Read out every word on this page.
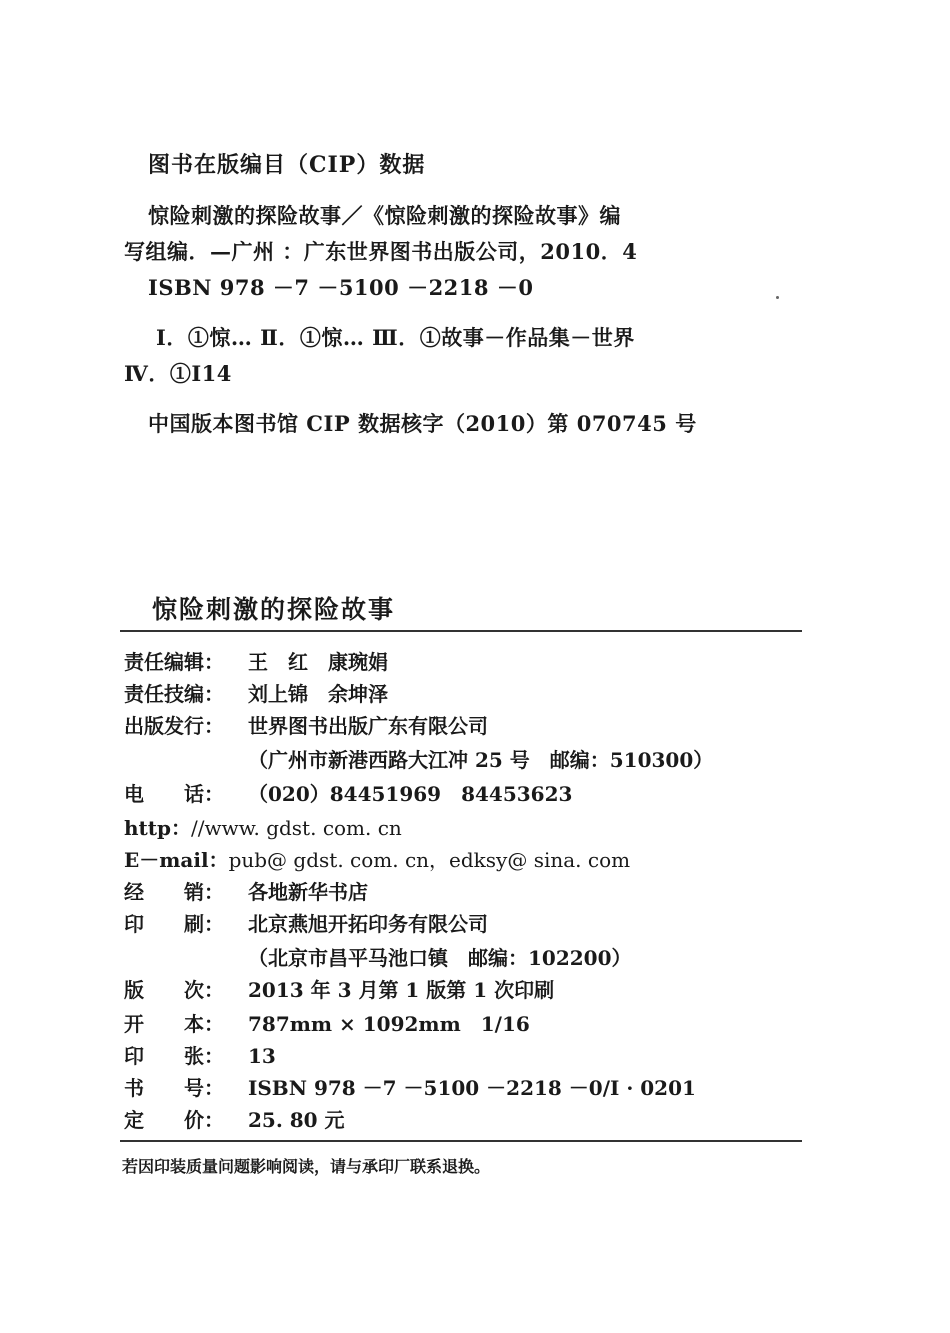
图书在版编目（CIP）数据
惊险刺激的探险故事／《惊险刺激的探险故事》编
写组编．—广州 ：广东世界图书出版公司，2010．4
ISBN 978 －7 －5100 －2218 －0
Ⅰ．①惊… Ⅱ．①惊… Ⅲ．①故事－作品集－世界
Ⅳ．①I14
中国版本图书馆 CIP 数据核字（2010）第 070745 号
惊险刺激的探险故事
责任编辑： 王　红　康琬娟
责任技编： 刘上锦　余坤泽
出版发行： 世界图书出版广东有限公司
（广州市新港西路大江冲 25 号　邮编：510300）
电　　话： （020）84451969　84453623
http：//www. gdst. com. cn
E－mail：pub@ gdst. com. cn，edksy@ sina. com
经　　销： 各地新华书店
印　　刷： 北京燕旭开拓印务有限公司
（北京市昌平马池口镇　邮编：102200）
版　　次： 2013 年 3 月第 1 版第 1 次印刷
开　　本： 787mm × 1092mm　1/16
印　　张： 13
书　　号： ISBN 978 －7 －5100 －2218 －0/I · 0201
定　　价： 25. 80 元
若因印装质量问题影响阅读，请与承印厂联系退换。
